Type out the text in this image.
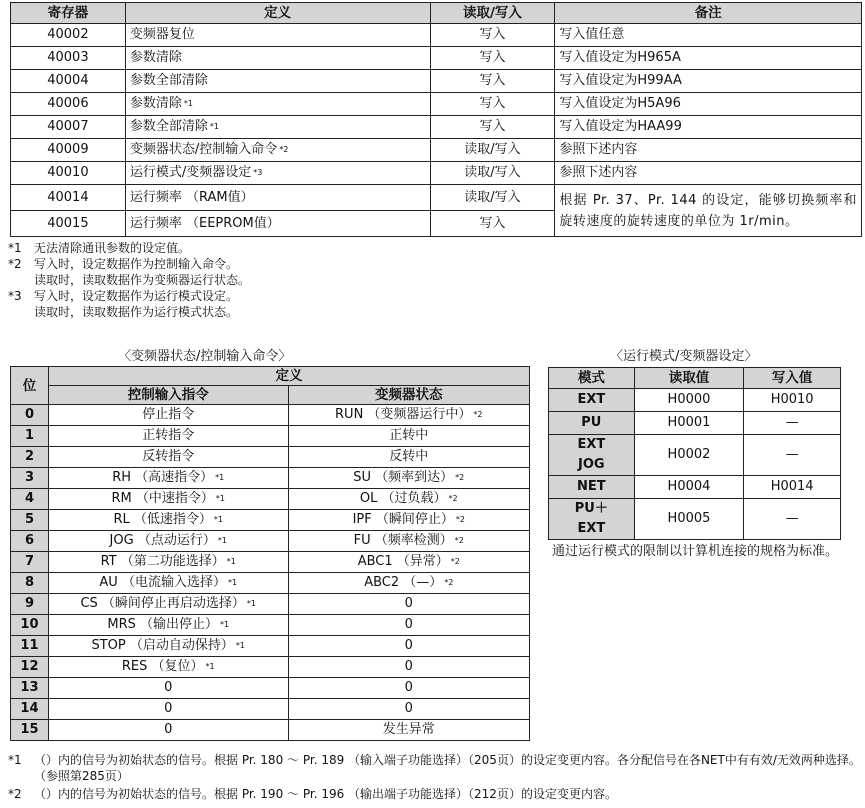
寄存器	定义	读取/写入	备注
40002	变频器复位	写入	写入值任意
40003	参数清除	写入	写入值设定为H965A
40004	参数全部清除	写入	写入值设定为H99AA
40006	参数清除 $^{*1}$	写入	写入值设定为H5A96
40007	参数全部清除 $^{*1}$	写入	写入值设定为HAA99
40009	变频器状态/控制输入命令 $^{*2}$	读取/写入	参照下述内容
40010	运行模式/变频器设定 $^{*3}$	读取/写入	参照下述内容
40014	运行频率 （RAM值）	读取/写入	根据 Pr. 37、Pr. 144 的设定，能够切换频率和旋转速度的旋转速度的单位为 1r/min。
40015	运行频率 （EEPROM值）	写入	
*1 无法清除通讯参数的设定值。
*2 写入时，设定数据作为控制输入命令。
读取时，读取数据作为变频器运行状态。
*3 写入时，设定数据作为运行模式设定。
读取时，读取数据作为运行模式状态。
〈变频器状态/控制输入命令〉	〈运行模式/变频器设定〉
位	定义	
	控制输入指令	变频器状态
0	停止指令	RUN （变频器运行中） $^{*2}$
1	正转指令	正转中
2	反转指令	反转中
3	RH （高速指令） $^{*1}$	SU （频率到达） $^{*2}$
4	RM （中速指令） $^{*1}$	OL （过负载） $^{*2}$
5	RL （低速指令） $^{*1}$	IPF （瞬间停止） $^{*2}$
6	JOG （点动运行） $^{*1}$	FU （频率检测） $^{*2}$
7	RT （第二功能选择） $^{*1}$	ABC1 （异常） $^{*2}$
8	AU （电流输入选择） $^{*1}$	ABC2 （—） $^{*2}$
9	CS （瞬间停止再启动选择） $^{*1}$	0
10	MRS （输出停止） $^{*1}$	0
11	STOP （启动自动保持） $^{*1}$	0
12	RES （复位） $^{*1}$	0
13	0	0
14	0	0
15	0	发生异常
模式	读取值	写入值
EXT	H0000	H0010
PU	H0001	—
EXT
JOG	H0002	—
NET	H0004	H0014
PU＋
EXT	H0005	—
通过运行模式的限制以计算机连接的规格为标准。
*1	（）内的信号为初始状态的信号。根据 Pr. 180 ～ Pr. 189 （输入端子功能选择）（205页）的设定变更内容。各分配信号在各NET中有有效/无效两种选择。（参照第285页）
*2	（）内的信号为初始状态的信号。根据 Pr. 190 ～ Pr. 196 （输出端子功能选择）（212页）的设定变更内容。
